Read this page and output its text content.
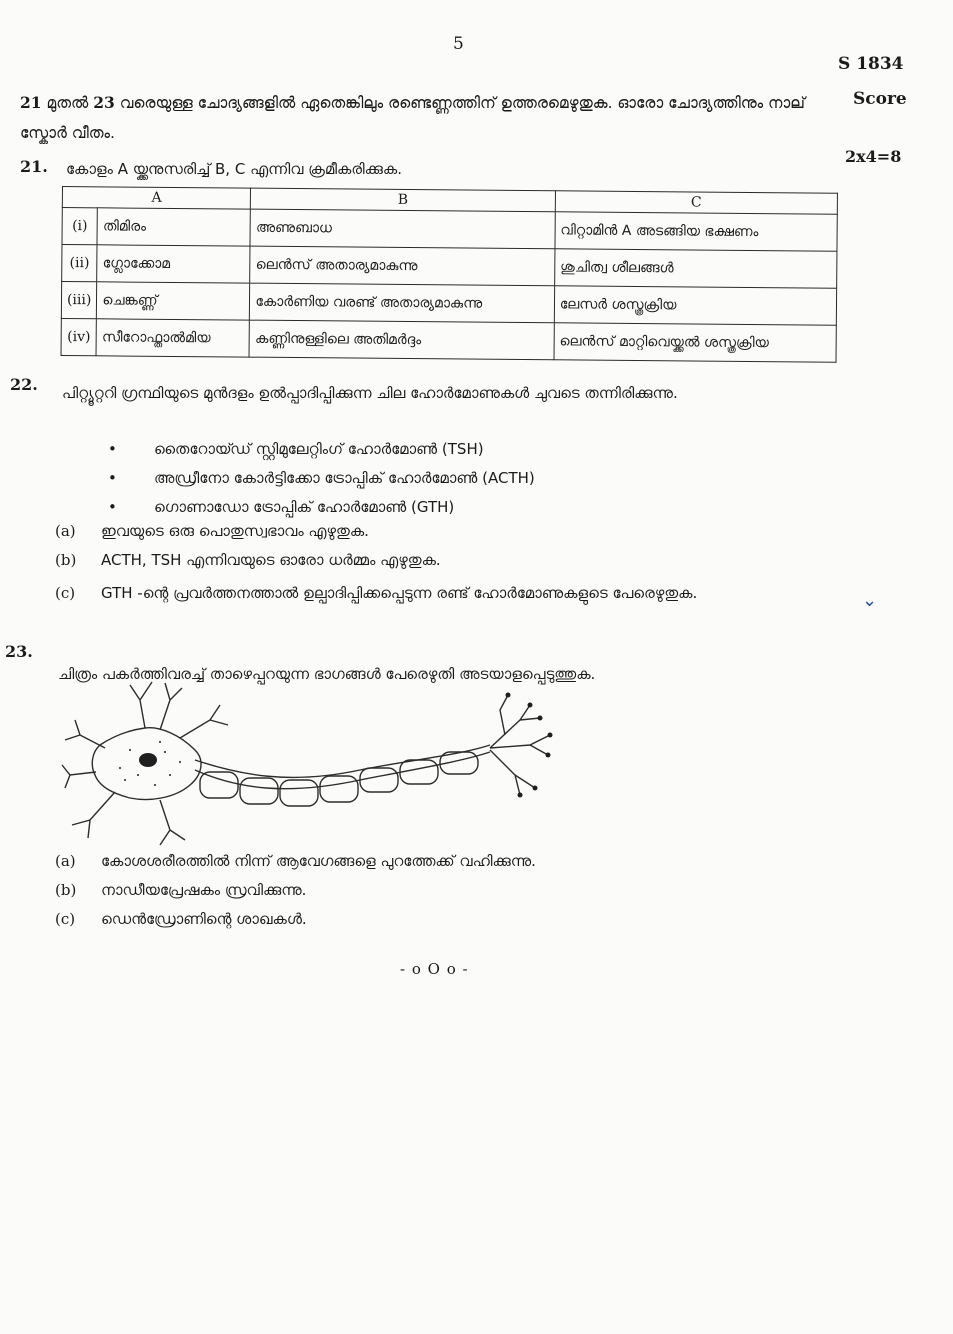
5
S 1834
Score
2x4=8
21 മുതൽ 23 വരെയുള്ള ചോദ്യങ്ങളിൽ ഏതെങ്കിലും രണ്ടെണ്ണത്തിന് ഉത്തരമെഴുതുക. ഓരോ ചോദ്യത്തിനും നാല് സ്കോർ വീതം.
21. കോളം A യ്ക്കനുസരിച്ച് B, C എന്നിവ ക്രമീകരിക്കുക.
A		B	C
(i)	തിമിരം	അണുബാധ	വിറ്റാമിൻ A അടങ്ങിയ ഭക്ഷണം
(ii)	ഗ്ലോക്കോമ	ലെൻസ് അതാര്യമാകുന്നു	ശുചിത്വ ശീലങ്ങൾ
(iii)	ചെങ്കണ്ണ്	കോർണിയ വരണ്ട് അതാര്യമാകുന്നു	ലേസർ ശസ്ത്രക്രിയ
(iv)	സീറോഫ്താൽമിയ	കണ്ണിനുള്ളിലെ അതിമർദ്ദം	ലെൻസ് മാറ്റിവെയ്ക്കൽ ശസ്ത്രക്രിയ
22. പിറ്റ്യൂറ്ററി ഗ്രന്ഥിയുടെ മുൻദളം ഉൽപ്പാദിപ്പിക്കുന്ന ചില ഹോർമോണുകൾ ചുവടെ തന്നിരിക്കുന്നു.
•	തൈറോയ്ഡ് സ്റ്റിമുലേറ്റിംഗ് ഹോർമോൺ (TSH)
•	അഡ്രീനോ കോർട്ടിക്കോ ട്രോപ്പിക് ഹോർമോൺ (ACTH)
•	ഗൊണാഡോ ട്രോപ്പിക് ഹോർമോൺ (GTH)
(a)	ഇവയുടെ ഒരു പൊതുസ്വഭാവം എഴുതുക.
(b)	ACTH, TSH എന്നിവയുടെ ഓരോ ധർമ്മം എഴുതുക.
(c)	GTH -ന്റെ പ്രവർത്തനത്താൽ ഉല്പാദിപ്പിക്കപ്പെടുന്ന രണ്ട് ഹോർമോണുകളുടെ പേരെഴുതുക.	⌄
23.
ചിത്രം പകർത്തിവരച്ച് താഴെപ്പറയുന്ന ഭാഗങ്ങൾ പേരെഴുതി അടയാളപ്പെടുത്തുക.
(a)	കോശശരീരത്തിൽ നിന്ന് ആവേഗങ്ങളെ പുറത്തേക്ക് വഹിക്കുന്നു.
(b)	നാഡീയപ്രേഷകം സ്രവിക്കുന്നു.
(c)	ഡെൻഡ്രോണിന്റെ ശാഖകൾ.
- o O o -
